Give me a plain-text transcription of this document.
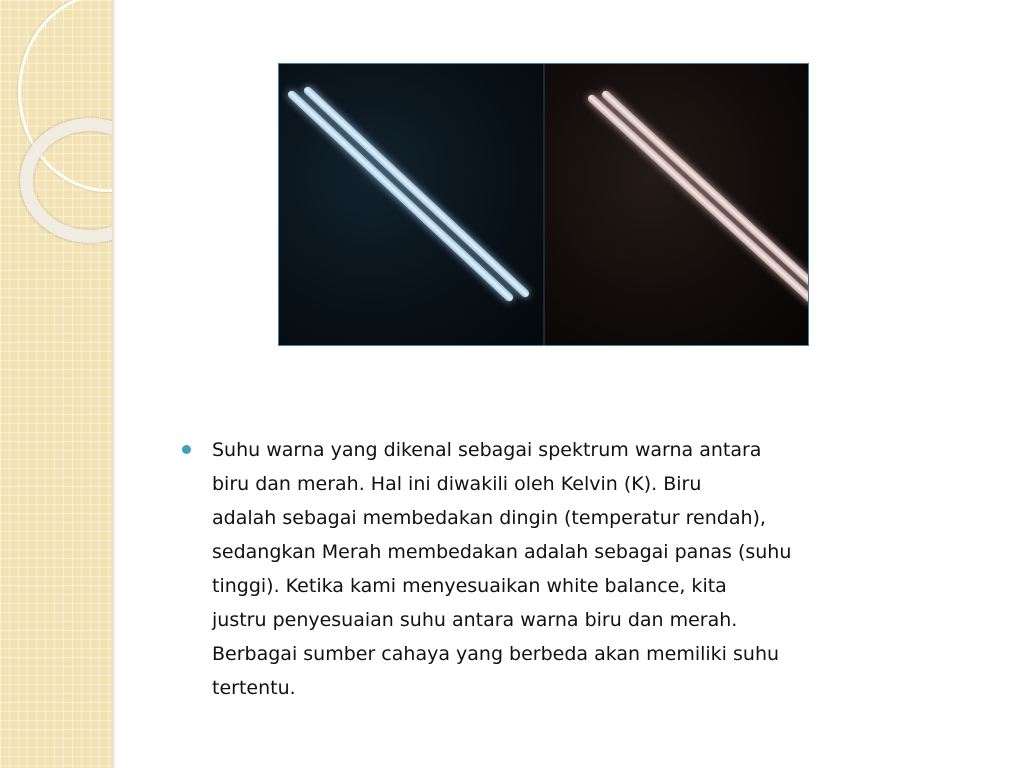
Suhu warna yang dikenal sebagai spektrum warna antara
biru dan merah. Hal ini diwakili oleh Kelvin (K). Biru
adalah sebagai membedakan dingin (temperatur rendah),
sedangkan Merah membedakan adalah sebagai panas (suhu
tinggi). Ketika kami menyesuaikan white balance, kita
justru penyesuaian suhu antara warna biru dan merah.
Berbagai sumber cahaya yang berbeda akan memiliki suhu
tertentu.
